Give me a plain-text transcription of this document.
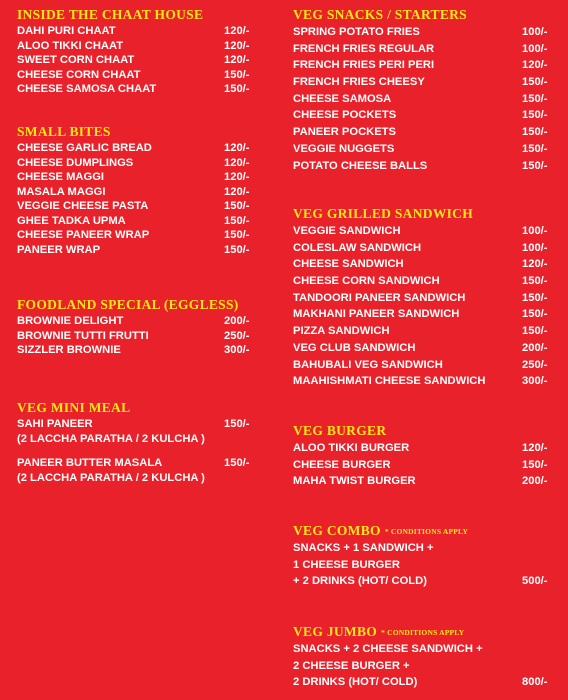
INSIDE THE CHAAT HOUSE
DAHI PURI CHAAT	120/-
ALOO TIKKI CHAAT	120/-
SWEET CORN CHAAT	120/-
CHEESE CORN CHAAT	150/-
CHEESE SAMOSA CHAAT	150/-
SMALL BITES
CHEESE GARLIC BREAD	120/-
CHEESE DUMPLINGS	120/-
CHEESE MAGGI	120/-
MASALA MAGGI	120/-
VEGGIE CHEESE PASTA	150/-
GHEE TADKA UPMA	150/-
CHEESE PANEER WRAP	150/-
PANEER WRAP	150/-
FOODLAND SPECIAL (EGGLESS)
BROWNIE DELIGHT	200/-
BROWNIE TUTTI FRUTTI	250/-
SIZZLER BROWNIE	300/-
VEG MINI MEAL
SAHI PANEER	150/-
(2 LACCHA PARATHA / 2 KULCHA )
PANEER BUTTER MASALA	150/-
(2 LACCHA PARATHA / 2 KULCHA )
VEG SNACKS / STARTERS
SPRING POTATO FRIES	100/-
FRENCH FRIES REGULAR	100/-
FRENCH FRIES PERI PERI	120/-
FRENCH FRIES CHEESY	150/-
CHEESE SAMOSA	150/-
CHEESE POCKETS	150/-
PANEER POCKETS	150/-
VEGGIE NUGGETS	150/-
POTATO CHEESE BALLS	150/-
VEG GRILLED SANDWICH
VEGGIE SANDWICH	100/-
COLESLAW SANDWICH	100/-
CHEESE SANDWICH	120/-
CHEESE CORN SANDWICH	150/-
TANDOORI PANEER SANDWICH	150/-
MAKHANI PANEER SANDWICH	150/-
PIZZA SANDWICH	150/-
VEG CLUB SANDWICH	200/-
BAHUBALI VEG SANDWICH	250/-
MAAHISHMATI CHEESE SANDWICH	300/-
VEG BURGER
ALOO TIKKI BURGER	120/-
CHEESE BURGER	150/-
MAHA TWIST BURGER	200/-
VEG COMBO * CONDITIONS APPLY
SNACKS + 1 SANDWICH +
1 CHEESE BURGER
+ 2 DRINKS (HOT/ COLD)	500/-
VEG JUMBO * CONDITIONS APPLY
SNACKS + 2 CHEESE SANDWICH +
2 CHEESE BURGER +
2 DRINKS (HOT/ COLD)	800/-
